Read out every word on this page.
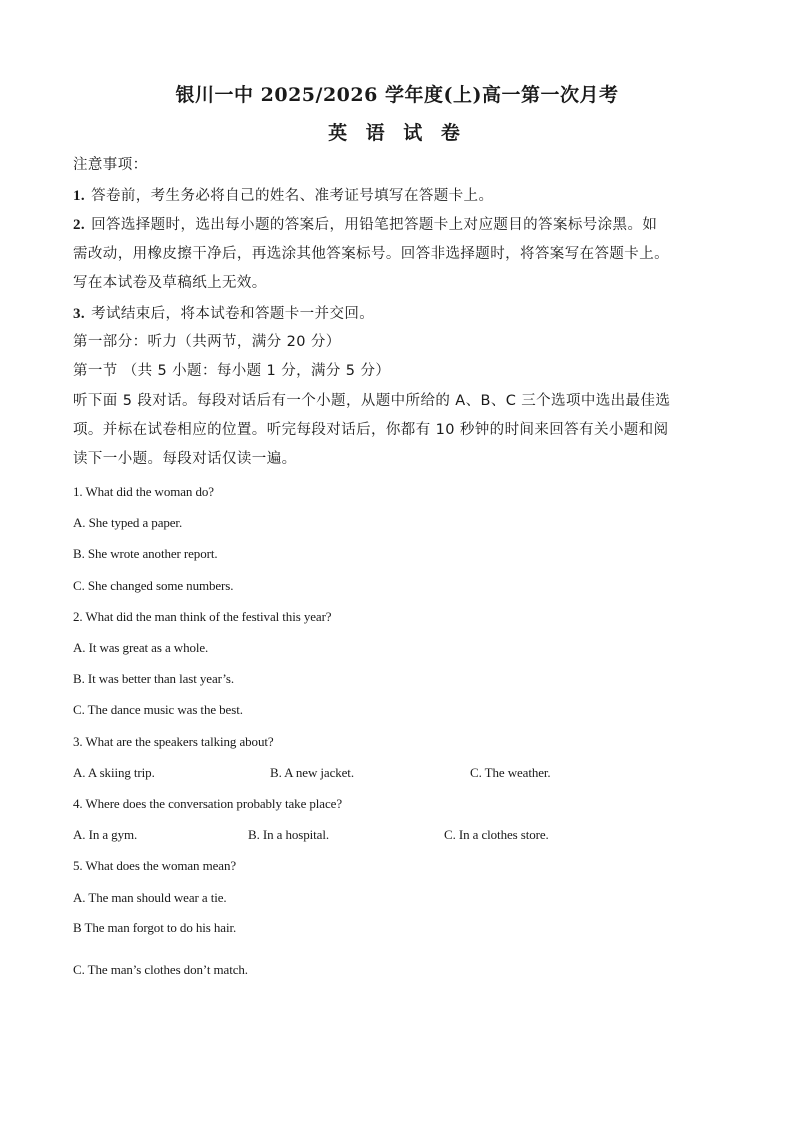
银川一中 2025/2026 学年度(上)高一第一次月考
英 语 试 卷
注意事项：
1. 答卷前，考生务必将自己的姓名、准考证号填写在答题卡上。
2. 回答选择题时，选出每小题的答案后，用铅笔把答题卡上对应题目的答案标号涂黑。如
需改动，用橡皮擦干净后，再选涂其他答案标号。回答非选择题时，将答案写在答题卡上。
写在本试卷及草稿纸上无效。
3. 考试结束后，将本试卷和答题卡一并交回。
第一部分：听力（共两节，满分 20 分）
第一节 （共 5 小题：每小题 1 分，满分 5 分）
听下面 5 段对话。每段对话后有一个小题，从题中所给的 A、B、C 三个选项中选出最佳选
项。并标在试卷相应的位置。听完每段对话后，你都有 10 秒钟的时间来回答有关小题和阅
读下一小题。每段对话仅读一遍。
1. What did the woman do?
A. She typed a paper.
B. She wrote another report.
C. She changed some numbers.
2. What did the man think of the festival this year?
A. It was great as a whole.
B. It was better than last year’s.
C. The dance music was the best.
3. What are the speakers talking about?
A. A skiing trip.	B. A new jacket.	C. The weather.
4. Where does the conversation probably take place?
A. In a gym.	B. In a hospital.	C. In a clothes store.
5. What does the woman mean?
A. The man should wear a tie.
B The man forgot to do his hair.
C. The man’s clothes don’t match.
